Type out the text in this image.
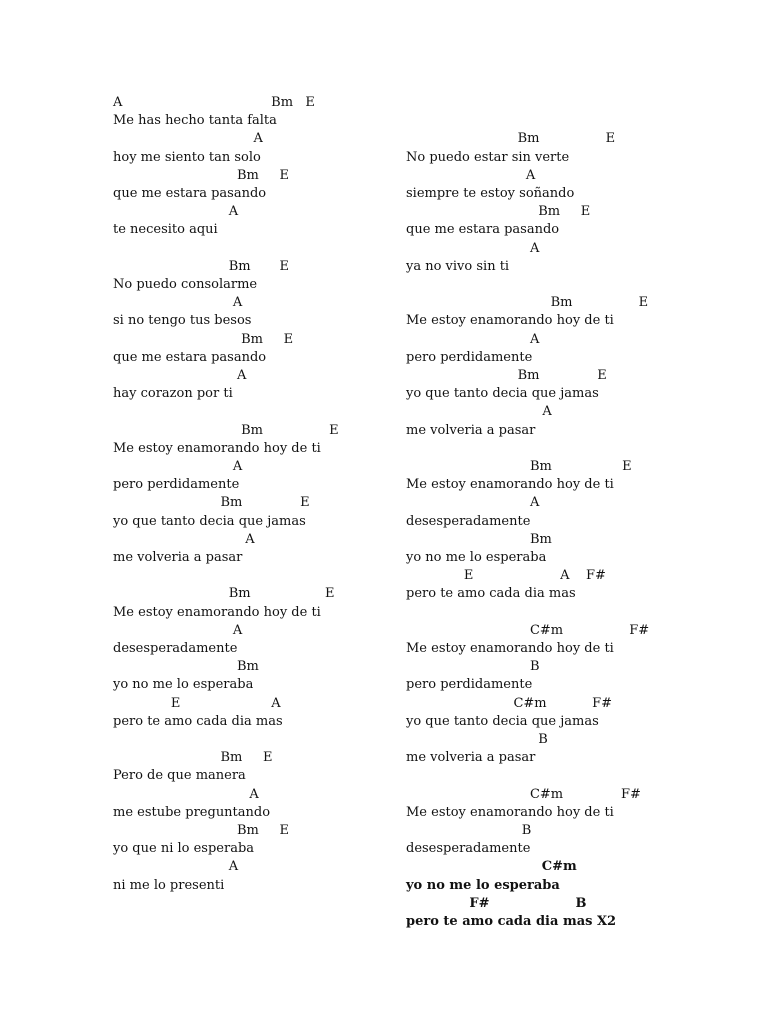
A                                    Bm   E
Me has hecho tanta falta
A
hoy me siento tan solo
Bm     E
que me estara pasando
A
te necesito aqui
Bm       E
No puedo consolarme
A
si no tengo tus besos
Bm     E
que me estara pasando
A
hay corazon por ti
Bm                E
Me estoy enamorando hoy de ti
A
pero perdidamente
Bm              E
yo que tanto decia que jamas
A
me volveria a pasar
Bm                  E
Me estoy enamorando hoy de ti
A
desesperadamente
Bm
yo no me lo esperaba
E                      A
pero te amo cada dia mas
Bm     E
Pero de que manera
A
me estube preguntando
Bm     E
yo que ni lo esperaba
A
ni me lo presenti
Bm                E
No puedo estar sin verte
A
siempre te estoy soñando
Bm     E
que me estara pasando
A
ya no vivo sin ti
Bm                E
Me estoy enamorando hoy de ti
A
pero perdidamente
Bm              E
yo que tanto decia que jamas
A
me volveria a pasar
Bm                 E
Me estoy enamorando hoy de ti
A
desesperadamente
Bm
yo no me lo esperaba
E                     A    F#
pero te amo cada dia mas
C#m                F#
Me estoy enamorando hoy de ti
B
pero perdidamente
C#m           F#
yo que tanto decia que jamas
B
me volveria a pasar
C#m              F#
Me estoy enamorando hoy de ti
B
desesperadamente
C#m
yo no me lo esperaba
F#                   B
pero te amo cada dia mas X2
